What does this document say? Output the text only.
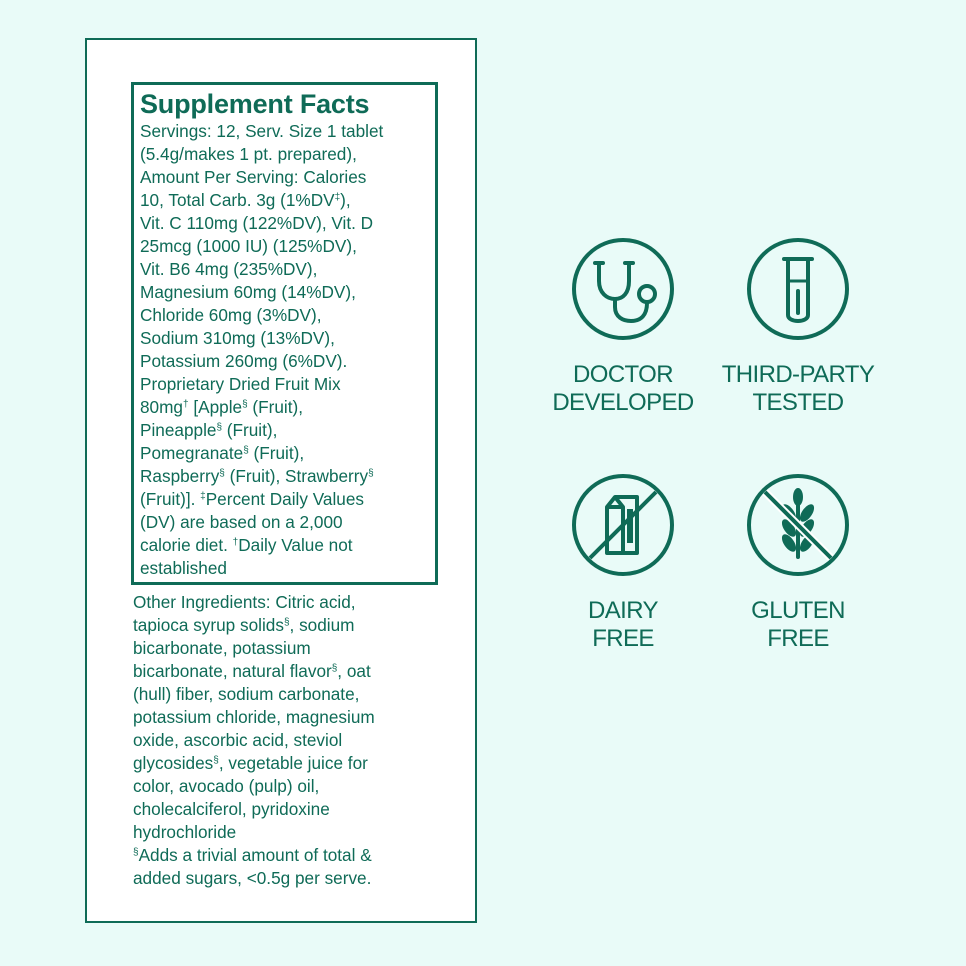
Supplement Facts
Servings: 12, Serv. Size 1 tablet
(5.4g/makes 1 pt. prepared),
Amount Per Serving: Calories
10, Total Carb. 3g (1%DV‡),
Vit. C 110mg (122%DV), Vit. D
25mcg (1000 IU) (125%DV),
Vit. B6 4mg (235%DV),
Magnesium 60mg (14%DV),
Chloride 60mg (3%DV),
Sodium 310mg (13%DV),
Potassium 260mg (6%DV).
Proprietary Dried Fruit Mix
80mg† [Apple§ (Fruit),
Pineapple§ (Fruit),
Pomegranate§ (Fruit),
Raspberry§ (Fruit), Strawberry§
(Fruit)]. ‡Percent Daily Values
(DV) are based on a 2,000
calorie diet. †Daily Value not
established
Other Ingredients: Citric acid,
tapioca syrup solids§, sodium
bicarbonate, potassium
bicarbonate, natural flavor§, oat
(hull) fiber, sodium carbonate,
potassium chloride, magnesium
oxide, ascorbic acid, steviol
glycosides§, vegetable juice for
color, avocado (pulp) oil,
cholecalciferol, pyridoxine
hydrochloride
§Adds a trivial amount of total &
added sugars, <0.5g per serve.
DOCTOR
DEVELOPED
THIRD-PARTY
TESTED
DAIRY
FREE
GLUTEN
FREE
